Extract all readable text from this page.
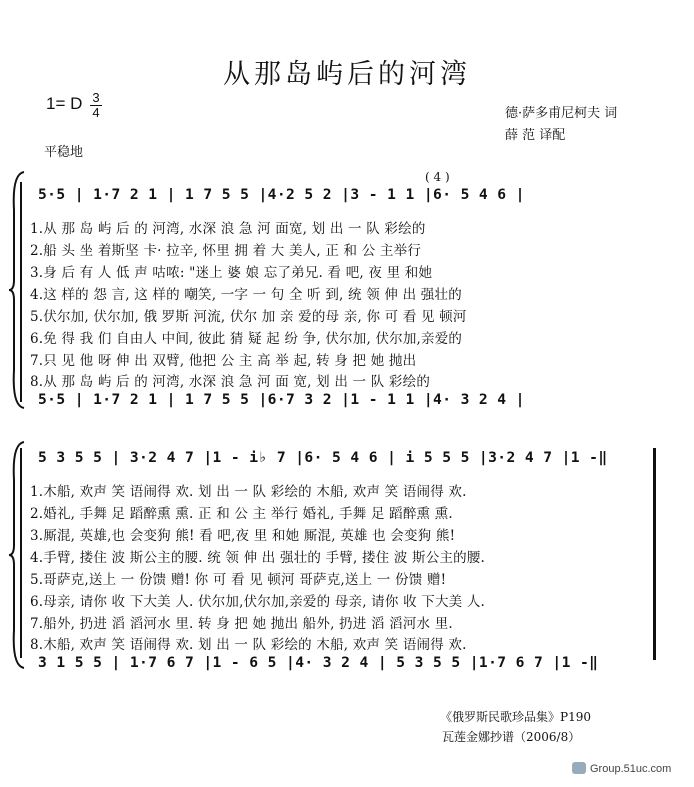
从那岛屿后的河湾
1= D 3
4	德·萨多甫尼柯夫 词
薛 范 译配
平稳地
( 4 )
5·5 | 1·7 2 1 | 1 7 5 5 |4·2 5 2 |3 - 1 1 |6· 5 4 6 |
1.从 那 岛 屿 后 的 河湾, 水深 浪 急 河 面宽, 划 出 一 队 彩绘的
2.船 头 坐 着斯坚 卡· 拉辛, 怀里 拥 着 大 美人, 正 和 公 主举行
3.身 后 有 人 低 声 咕哝: "迷上 婆 娘 忘了弟兄. 看 吧, 夜 里 和她
4.这 样的 怨 言, 这 样的 嘲笑, 一字 一 句 全 听 到, 统 领 伸 出 强壮的
5.伏尔加, 伏尔加, 俄 罗斯 河流, 伏尔 加 亲 爱的母 亲, 你 可 看 见 顿河
6.免 得 我 们 自由人 中间, 彼此 猜 疑 起 纷 争, 伏尔加, 伏尔加,亲爱的
7.只 见 他 呀 伸 出 双臂, 他把 公 主 高 举 起, 转 身 把 她 抛出
8.从 那 岛 屿 后 的 河湾, 水深 浪 急 河 面 宽, 划 出 一 队 彩绘的
5·5 | 1·7 2 1 | 1 7 5 5 |6·7 3 2 |1 - 1 1 |4· 3 2 4 |
5 3 5 5 | 3·2 4 7 |1 - i♭ 7 |6· 5 4 6 | i 5 5 5 |3·2 4 7 |1 -‖
1.木船, 欢声 笑 语闹得 欢. 划 出 一 队 彩绘的 木船, 欢声 笑 语闹得 欢.
2.婚礼, 手舞 足 蹈醉熏 熏. 正 和 公 主 举行 婚礼, 手舞 足 蹈醉熏 熏.
3.厮混, 英雄,也 会变狗 熊! 看 吧,夜 里 和她 厮混, 英雄 也 会变狗 熊!
4.手臂, 搂住 波 斯公主的腰. 统 领 伸 出 强壮的 手臂, 搂住 波 斯公主的腰.
5.哥萨克,送上 一 份馈 赠! 你 可 看 见 顿河 哥萨克,送上 一 份馈 赠!
6.母亲, 请你 收 下大美 人. 伏尔加,伏尔加,亲爱的 母亲, 请你 收 下大美 人.
7.船外, 扔进 滔 滔河水 里. 转 身 把 她 抛出 船外, 扔进 滔 滔河水 里.
8.木船, 欢声 笑 语闹得 欢. 划 出 一 队 彩绘的 木船, 欢声 笑 语闹得 欢.
3 1 5 5 | 1·7 6 7 |1 - 6 5 |4· 3 2 4 | 5 3 5 5 |1·7 6 7 |1 -‖
《俄罗斯民歌珍品集》P190
瓦莲金娜抄谱（2006/8）
Group.51uc.com
